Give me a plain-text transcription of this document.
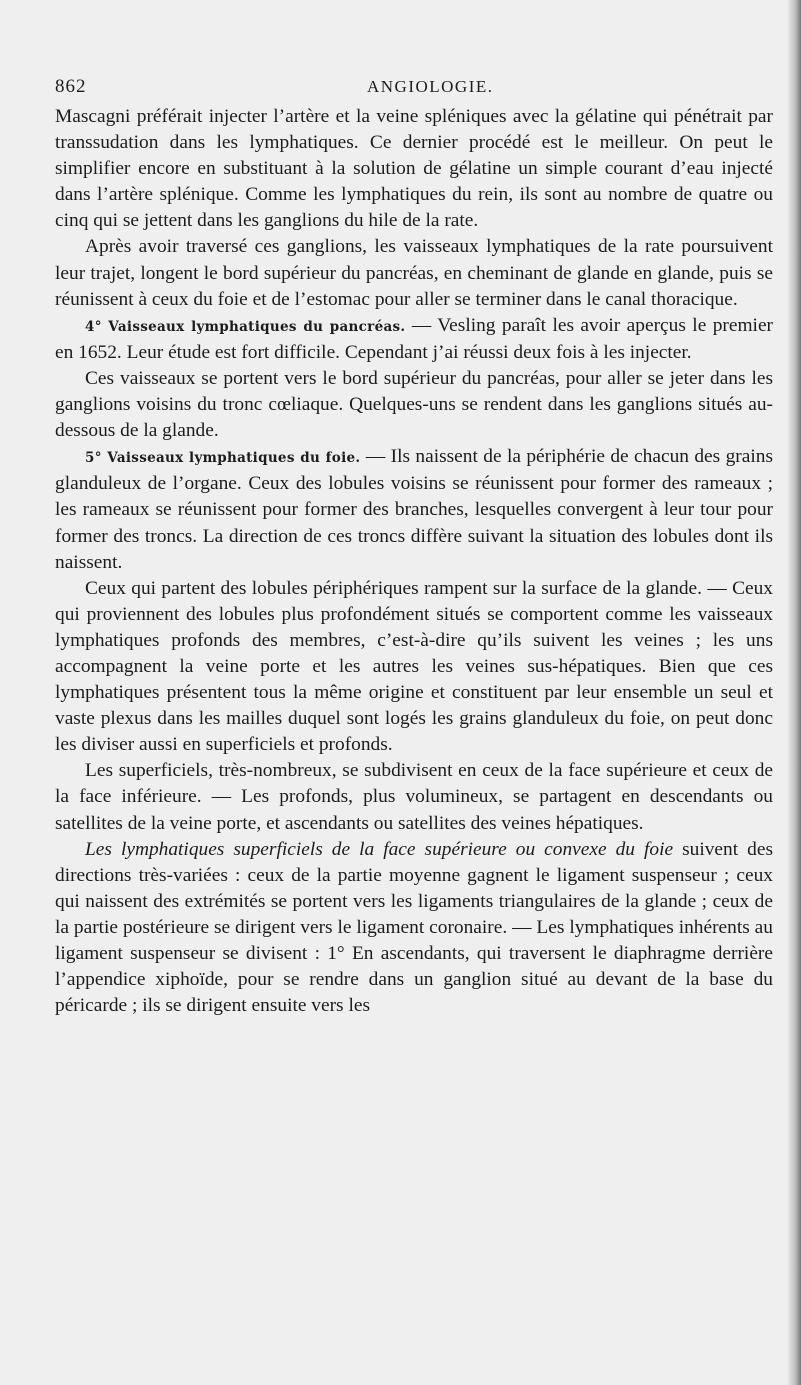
862	ANGIOLOGIE.

Mascagni préférait injecter l’artère et la veine spléniques avec la gélatine qui pénétrait par transsudation dans les lymphatiques. Ce dernier procédé est le meilleur. On peut le simplifier encore en substituant à la solution de gélatine un simple courant d’eau injecté dans l’artère splénique. Comme les lymphatiques du rein, ils sont au nombre de quatre ou cinq qui se jettent dans les ganglions du hile de la rate.

Après avoir traversé ces ganglions, les vaisseaux lymphatiques de la rate poursuivent leur trajet, longent le bord supérieur du pancréas, en cheminant de glande en glande, puis se réunissent à ceux du foie et de l’estomac pour aller se terminer dans le canal thoracique.

4° Vaisseaux lymphatiques du pancréas. — Vesling paraît les avoir aperçus le premier en 1652. Leur étude est fort difficile. Cependant j’ai réussi deux fois à les injecter.

Ces vaisseaux se portent vers le bord supérieur du pancréas, pour aller se jeter dans les ganglions voisins du tronc cœliaque. Quelques-uns se rendent dans les ganglions situés au-dessous de la glande.

5° Vaisseaux lymphatiques du foie. — Ils naissent de la périphérie de chacun des grains glanduleux de l’organe. Ceux des lobules voisins se réunissent pour former des rameaux ; les rameaux se réunissent pour former des branches, lesquelles convergent à leur tour pour former des troncs. La direction de ces troncs diffère suivant la situation des lobules dont ils naissent.

Ceux qui partent des lobules périphériques rampent sur la surface de la glande. — Ceux qui proviennent des lobules plus profondément situés se comportent comme les vaisseaux lymphatiques profonds des membres, c’est-à-dire qu’ils suivent les veines ; les uns accompagnent la veine porte et les autres les veines sus-hépatiques. Bien que ces lymphatiques présentent tous la même origine et constituent par leur ensemble un seul et vaste plexus dans les mailles duquel sont logés les grains glanduleux du foie, on peut donc les diviser aussi en superficiels et profonds.

Les superficiels, très-nombreux, se subdivisent en ceux de la face supérieure et ceux de la face inférieure. — Les profonds, plus volumineux, se partagent en descendants ou satellites de la veine porte, et ascendants ou satellites des veines hépatiques.

Les lymphatiques superficiels de la face supérieure ou convexe du foie suivent des directions très-variées : ceux de la partie moyenne gagnent le ligament suspenseur ; ceux qui naissent des extrémités se portent vers les ligaments triangulaires de la glande ; ceux de la partie postérieure se dirigent vers le ligament coronaire. — Les lymphatiques inhérents au ligament suspenseur se divisent : 1° En ascendants, qui traversent le diaphragme derrière l’appendice xiphoïde, pour se rendre dans un ganglion situé au devant de la base du péricarde ; ils se dirigent ensuite vers les
